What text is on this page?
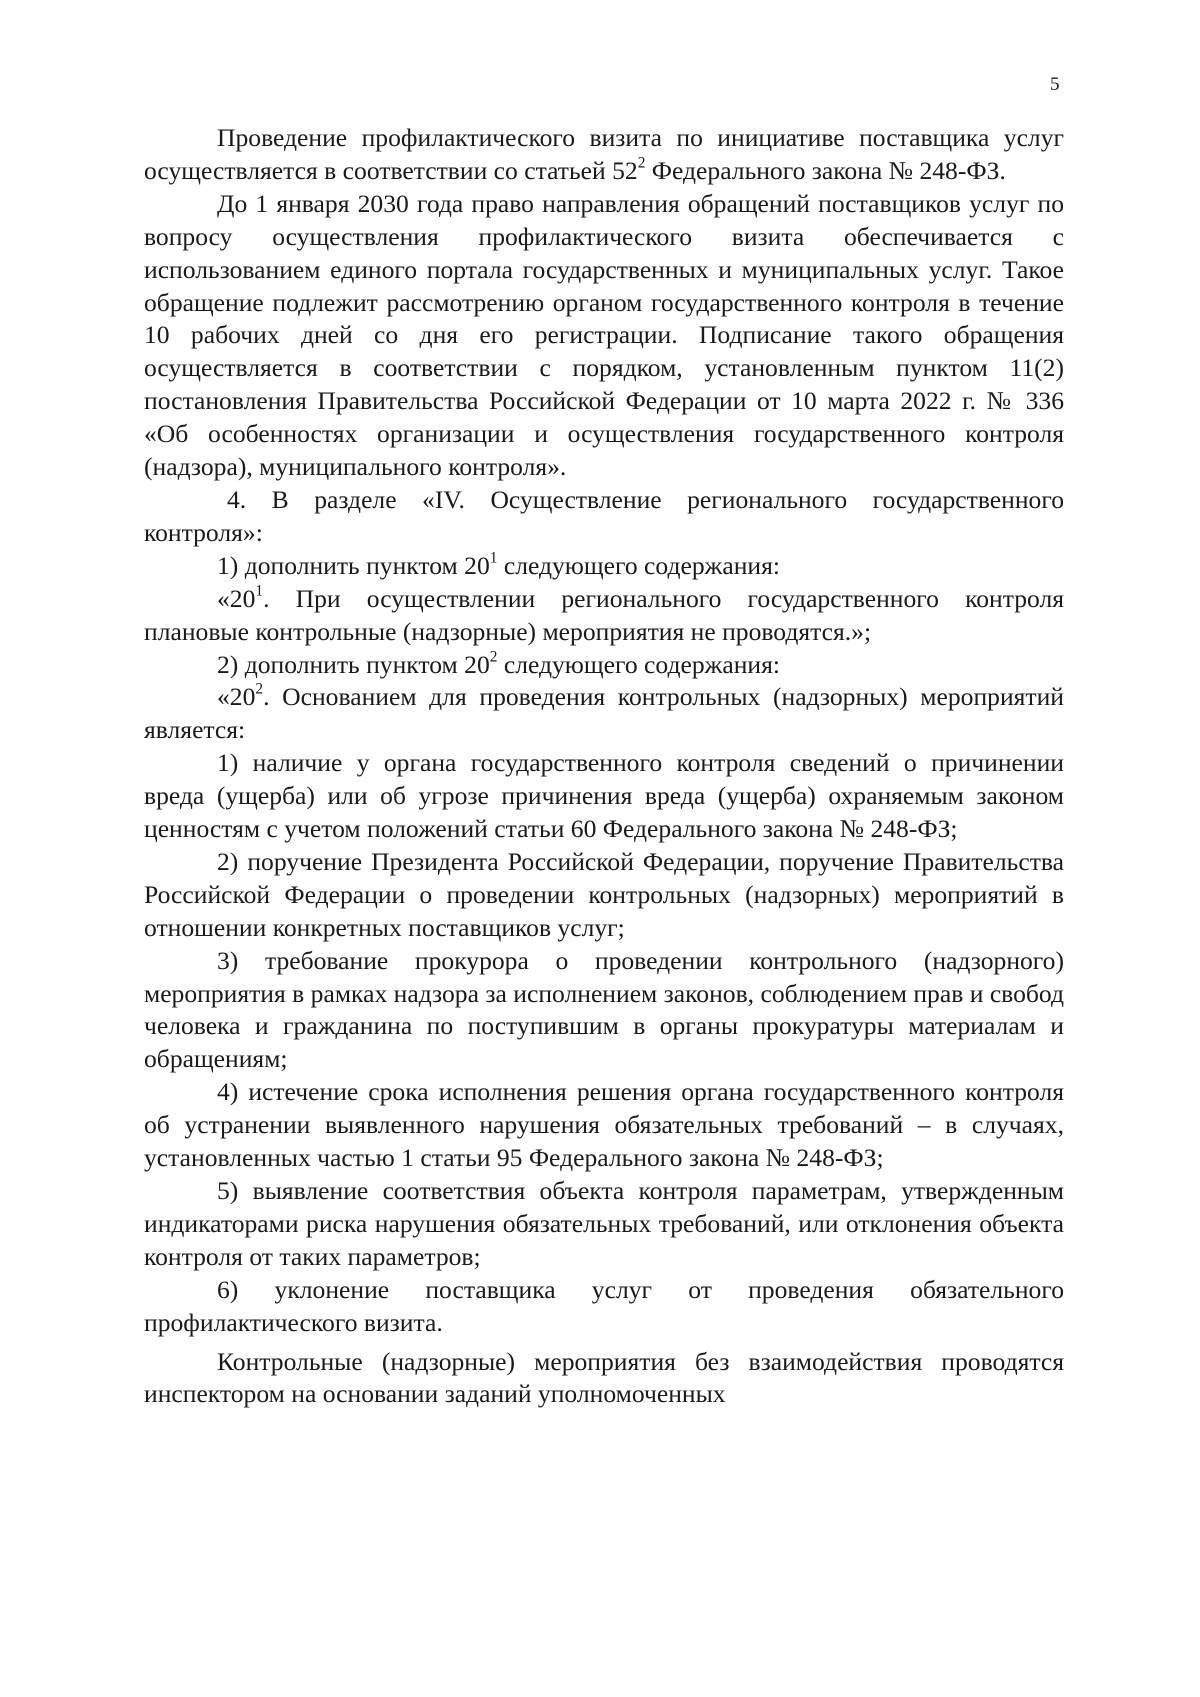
5

Проведение профилактического визита по инициативе поставщика услуг осуществляется в соответствии со статьей $52^2$ Федерального закона № 248-ФЗ.

До 1 января 2030 года право направления обращений поставщиков услуг по вопросу осуществления профилактического визита обеспечивается с использованием единого портала государственных и муниципальных услуг. Такое обращение подлежит рассмотрению органом государственного контроля в течение 10 рабочих дней со дня его регистрации. Подписание такого обращения осуществляется в соответствии с порядком, установленным пунктом 11(2) постановления Правительства Российской Федерации от 10 марта 2022 г. № 336 «Об особенностях организации и осуществления государственного контроля (надзора), муниципального контроля».

4. В разделе «IV. Осуществление регионального государственного контроля»:

1) дополнить пунктом $20^1$ следующего содержания:

«$20^1$. При осуществлении регионального государственного контроля плановые контрольные (надзорные) мероприятия не проводятся.»;

2) дополнить пунктом $20^2$ следующего содержания:

«$20^2$. Основанием для проведения контрольных (надзорных) мероприятий является:

1) наличие у органа государственного контроля сведений о причинении вреда (ущерба) или об угрозе причинения вреда (ущерба) охраняемым законом ценностям с учетом положений статьи 60 Федерального закона № 248-ФЗ;

2) поручение Президента Российской Федерации, поручение Правительства Российской Федерации о проведении контрольных (надзорных) мероприятий в отношении конкретных поставщиков услуг;

3) требование прокурора о проведении контрольного (надзорного) мероприятия в рамках надзора за исполнением законов, соблюдением прав и свобод человека и гражданина по поступившим в органы прокуратуры материалам и обращениям;

4) истечение срока исполнения решения органа государственного контроля об устранении выявленного нарушения обязательных требований – в случаях, установленных частью 1 статьи 95 Федерального закона № 248-ФЗ;

5) выявление соответствия объекта контроля параметрам, утвержденным индикаторами риска нарушения обязательных требований, или отклонения объекта контроля от таких параметров;

6) уклонение поставщика услуг от проведения обязательного профилактического визита.

Контрольные (надзорные) мероприятия без взаимодействия проводятся инспектором на основании заданий уполномоченных
